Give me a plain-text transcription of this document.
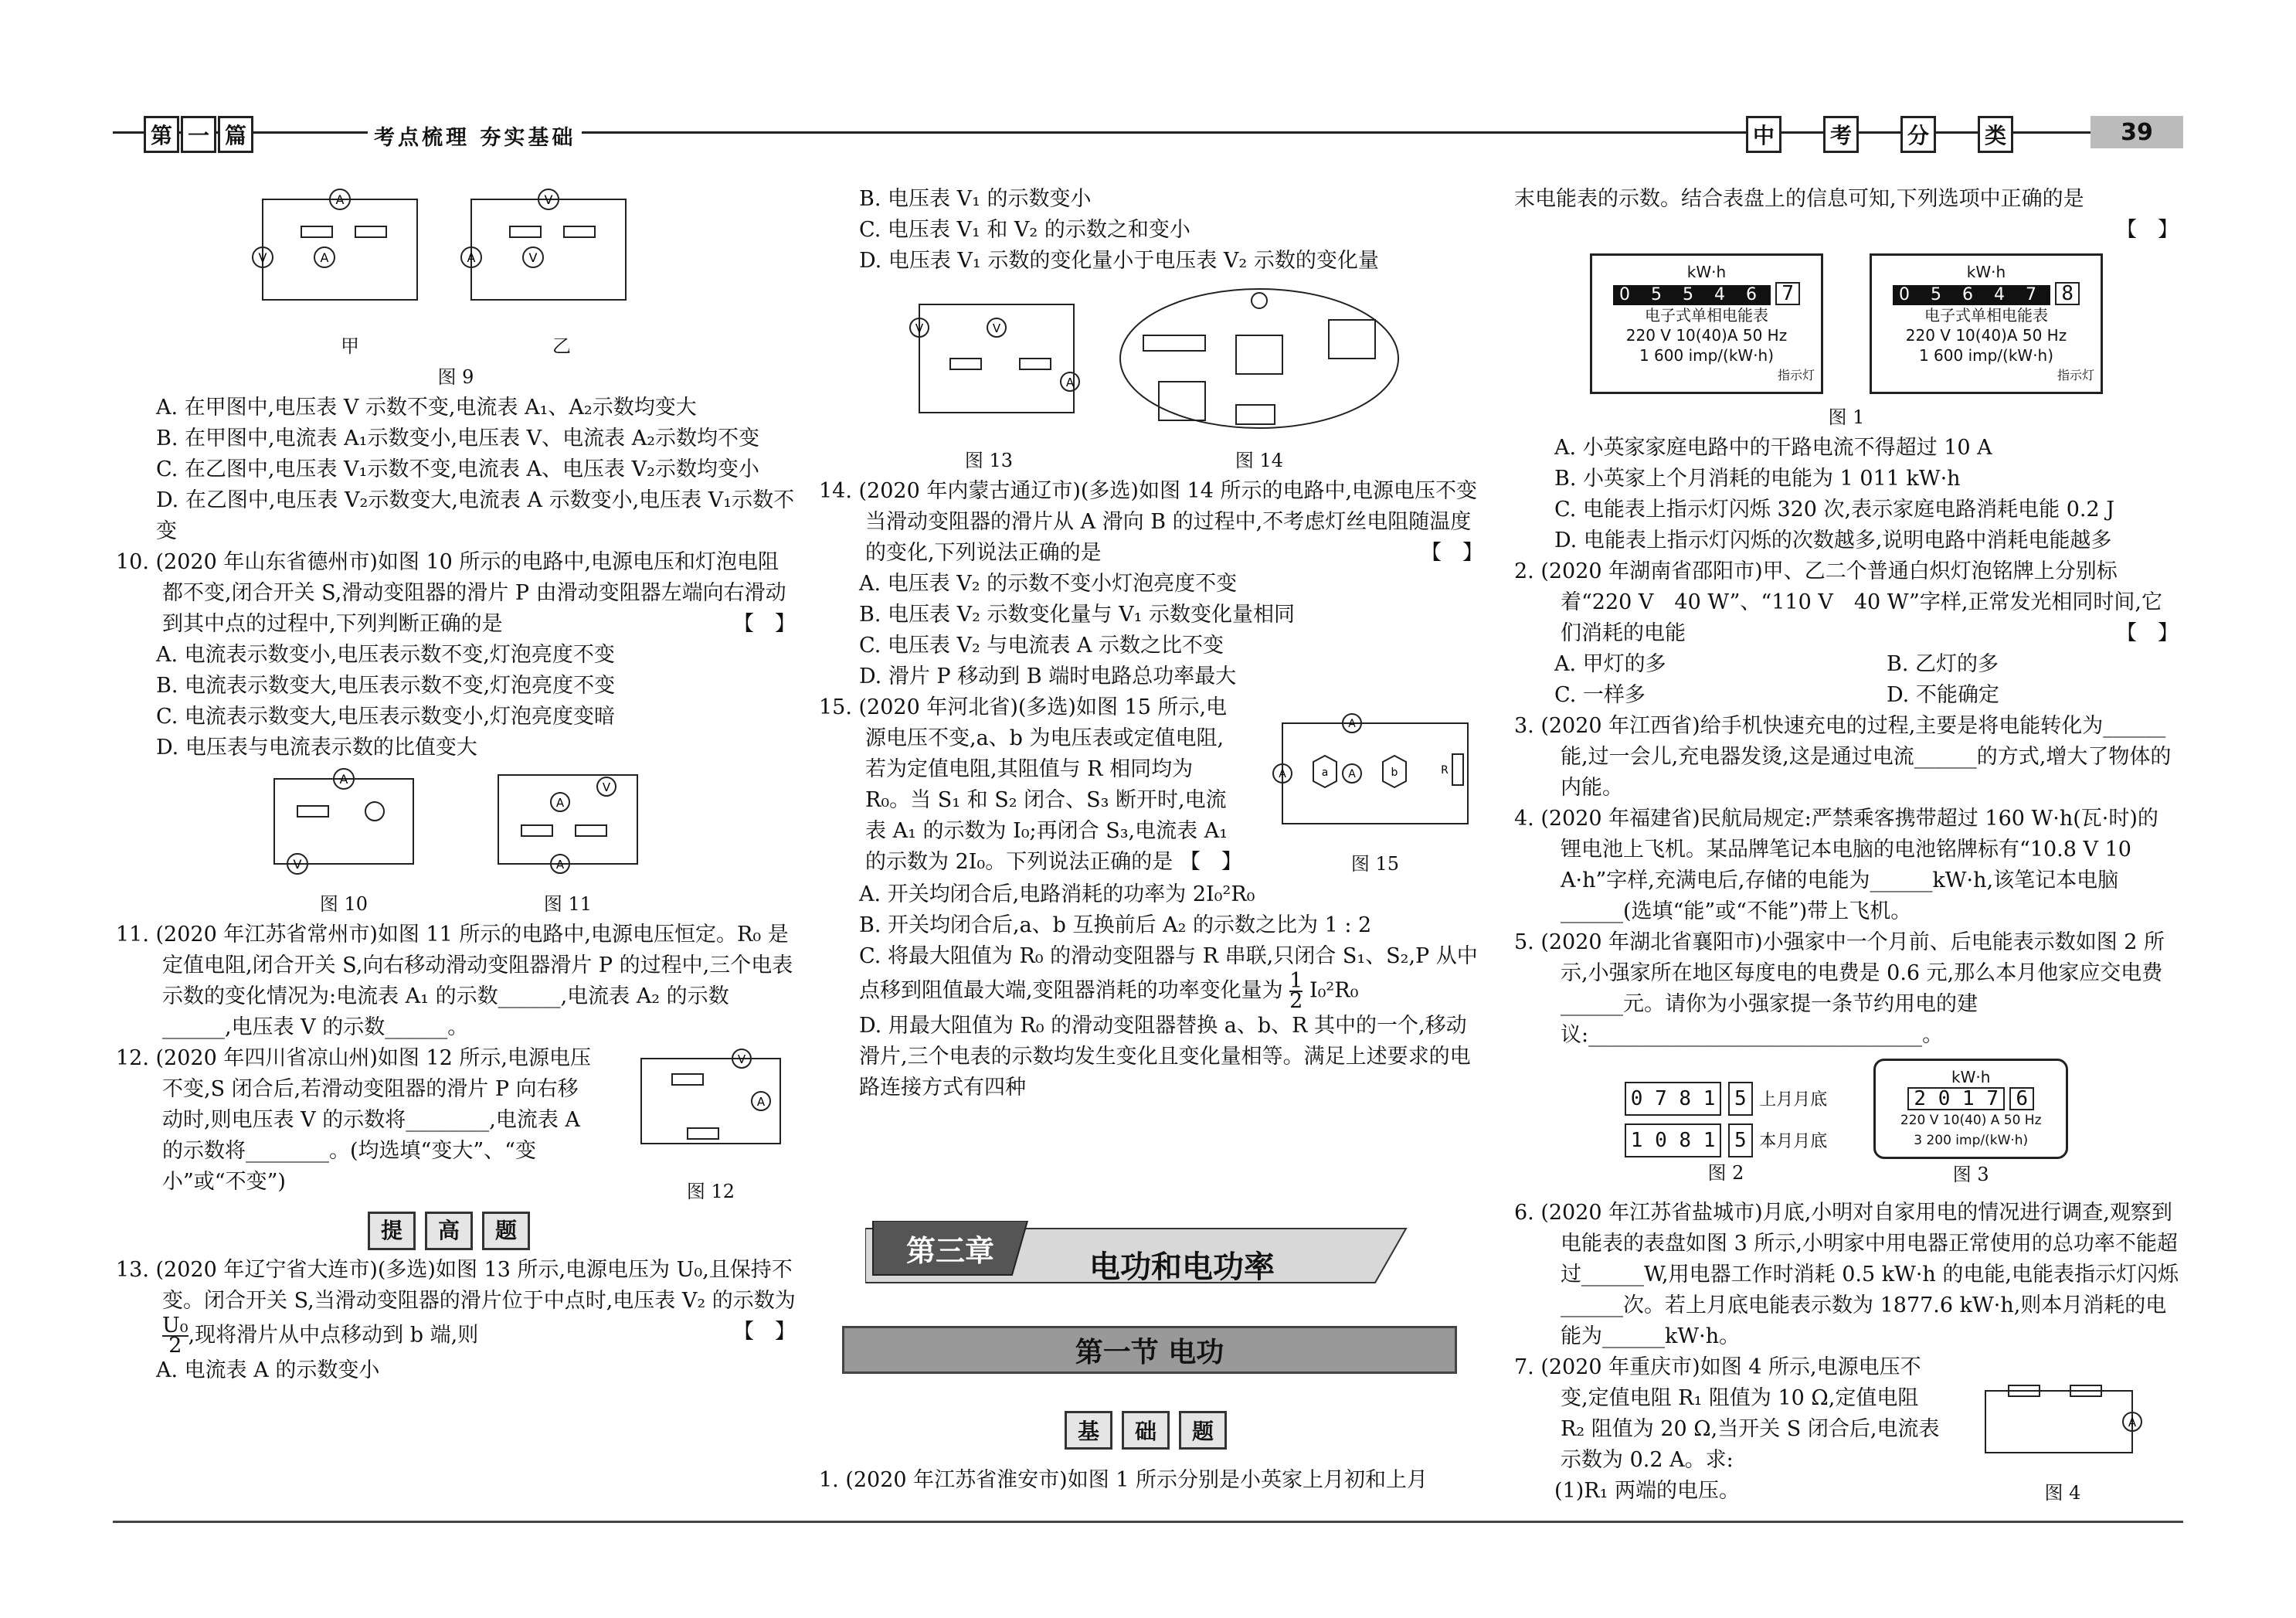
第 一 篇	考点梳理 夯实基础	中	考	分	类	39
A
V	A
V
A	V
甲	乙

图 9

A. 在甲图中,电压表 V 示数不变,电流表 A₁、A₂示数均变大

B. 在甲图中,电流表 A₁示数变小,电压表 V、电流表 A₂示数均不变

C. 在乙图中,电压表 V₁示数不变,电流表 A、电压表 V₂示数均变小

D. 在乙图中,电压表 V₂示数变大,电流表 A 示数变小,电压表 V₁示数不变

10. (2020 年山东省德州市)如图 10 所示的电路中,电源电压和灯泡电阻都不变,闭合开关 S,滑动变阻器的滑片 P 由滑动变阻器左端向右滑动到其中点的过程中,下列判断正确的是	【　】

A. 电流表示数变小,电压表示数不变,灯泡亮度不变

B. 电流表示数变大,电压表示数不变,灯泡亮度不变

C. 电流表示数变大,电压表示数变小,灯泡亮度变暗

D. 电压表与电流表示数的比值变大

A
V

图 10

A
V
A

图 11

11. (2020 年江苏省常州市)如图 11 所示的电路中,电源电压恒定。R₀ 是定值电阻,闭合开关 S,向右移动滑动变阻器滑片 P 的过程中,三个电表示数的变化情况为:电流表 A₁ 的示数______,电流表 A₂ 的示数______,电压表 V 的示数______。

12. (2020 年四川省凉山州)如图 12 所示,电源电压不变,S 闭合后,若滑动变阻器的滑片 P 向右移动时,则电压表 V 的示数将________,电流表 A 的示数将________。(均选填“变大”、“变小”或“不变”)

V
A

图 12

提 高 题

13. (2020 年辽宁省大连市)(多选)如图 13 所示,电源电压为 U₀,且保持不变。闭合开关 S,当滑动变阻器的滑片位于中点时,电压表 V₂ 的示数为
$\frac{\text{U₀}}{2}$ ,现将滑片从中点移动到 b 端,则	【　】

A. 电流表 A 的示数变小

B. 电压表 V₁ 的示数变小

C. 电压表 V₁ 和 V₂ 的示数之和变小

D. 电压表 V₁ 示数的变化量小于电压表 V₂ 示数的变化量

V	V
A

图 13	图 14

14. (2020 年内蒙古通辽市)(多选)如图 14 所示的电路中,电源电压不变当滑动变阻器的滑片从 A 滑向 B 的过程中,不考虑灯丝电阻随温度的变化,下列说法正确的是	【　】

A. 电压表 V₂ 的示数不变小灯泡亮度不变

B. 电压表 V₂ 示数变化量与 V₁ 示数变化量相同

C. 电压表 V₂ 与电流表 A 示数之比不变

D. 滑片 P 移动到 B 端时电路总功率最大

15. (2020 年河北省)(多选)如图 15 所示,电源电压不变,a、b 为电压表或定值电阻,若为定值电阻,其阻值与 R 相同均为 R₀。当 S₁ 和 S₂ 闭合、S₃ 断开时,电流表 A₁ 的示数为 I₀;再闭合 S₃,电流表 A₁ 的示数为 2I₀。下列说法正确的是 【　】

A
A
A
a	b	R

图 15

A. 开关均闭合后,电路消耗的功率为 2I₀²R₀

B. 开关均闭合后,a、b 互换前后 A₂ 的示数之比为 1 : 2

C. 将最大阻值为 R₀ 的滑动变阻器与 R 串联,只闭合 S₁、S₂,P 从中点移到阻值最大端,变阻器消耗的功率变化量为 $\frac{1}{2} I_0^2R_0$

D. 用最大阻值为 R₀ 的滑动变阻器替换 a、b、R 其中的一个,移动滑片,三个电表的示数均发生变化且变化量相等。满足上述要求的电路连接方式有四种

第三章	电功和电功率
第一节 电功
基 础 题

1. (2020 年江苏省淮安市)如图 1 所示分别是小英家上月初和上月

末电能表的示数。结合表盘上的信息可知,下列选项中正确的是

【　】

kW·h
0 5 5 4 6 7
电子式单相电能表
220 V 10(40)A 50 Hz
1 600 imp/(kW·h)
指示灯
kW·h
0 5 6 4 7 8
电子式单相电能表
220 V 10(40)A 50 Hz
1 600 imp/(kW·h)
指示灯

图 1

A. 小英家家庭电路中的干路电流不得超过 10 A

B. 小英家上个月消耗的电能为 1 011 kW·h

C. 电能表上指示灯闪烁 320 次,表示家庭电路消耗电能 0.2 J

D. 电能表上指示灯闪烁的次数越多,说明电路中消耗电能越多

2. (2020 年湖南省邵阳市)甲、乙二个普通白炽灯泡铭牌上分别标着“220 V　40 W”、“110 V　40 W”字样,正常发光相同时间,它们消耗的电能	【　】

A. 甲灯的多	B. 乙灯的多
C. 一样多	D. 不能确定

3. (2020 年江西省)给手机快速充电的过程,主要是将电能转化为______能,过一会儿,充电器发烫,这是通过电流______的方式,增大了物体的内能。

4. (2020 年福建省)民航局规定:严禁乘客携带超过 160 W·h(瓦·时)的锂电池上飞机。某品牌笔记本电脑的电池铭牌标有“10.8 V 10 A·h”字样,充满电后,存储的电能为______kW·h,该笔记本电脑______(选填“能”或“不能”)带上飞机。

5. (2020 年湖北省襄阳市)小强家中一个月前、后电能表示数如图 2 所示,小强家所在地区每度电的电费是 0.6 元,那么本月他家应交电费______元。请你为小强家提一条节约用电的建议:________________________________。

0 7 8 1 5 上月月底
1 0 8 1 5 本月月底

图 2

kW·h
2 0 1 7 6
220 V 10(40) A 50 Hz
3 200 imp/(kW·h)

图 3

6. (2020 年江苏省盐城市)月底,小明对自家用电的情况进行调查,观察到电能表的表盘如图 3 所示,小明家中用电器正常使用的总功率不能超过______W,用电器工作时消耗 0.5 kW·h 的电能,电能表指示灯闪烁______次。若上月底电能表示数为 1877.6 kW·h,则本月消耗的电能为______kW·h。

7. (2020 年重庆市)如图 4 所示,电源电压不变,定值电阻 R₁ 阻值为 10 Ω,定值电阻 R₂ 阻值为 20 Ω,当开关 S 闭合后,电流表示数为 0.2 A。求:

(1)R₁ 两端的电压。

A

图 4
